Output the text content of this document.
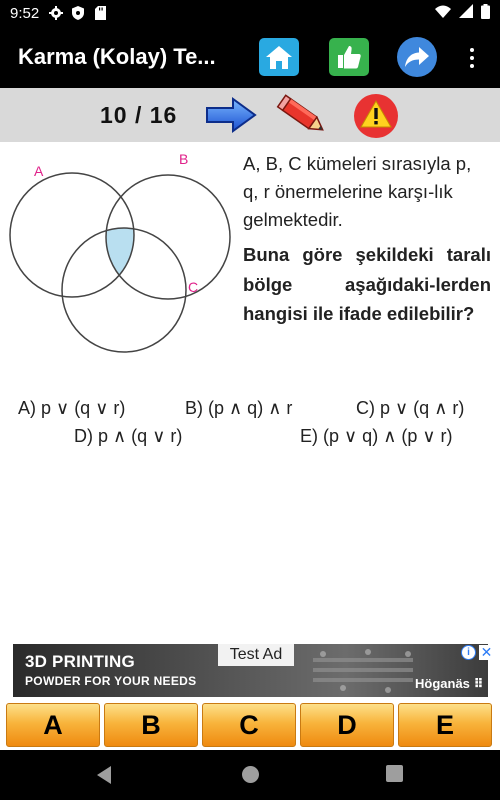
9:52
Karma (Kolay) Te...
10 / 16
A
B
C
A, B, C kümeleri sırasıyla p, q, r önermelerine karşı-lık gelmektedir.
Buna göre şekildeki taralı bölge aşağıdaki-lerden hangisi ile ifade edilebilir?
A) p ∨ (q ∨ r)	B) (p ∧ q) ∧ r	C) p ∨ (q ∧ r)
D) p ∧ (q ∨ r)	E) (p ∨ q) ∧ (p ∨ r)
3D PRINTING
POWDER FOR YOUR NEEDS
Test Ad	i ✕
Höganäs ⠿
A	B	C	D	E
